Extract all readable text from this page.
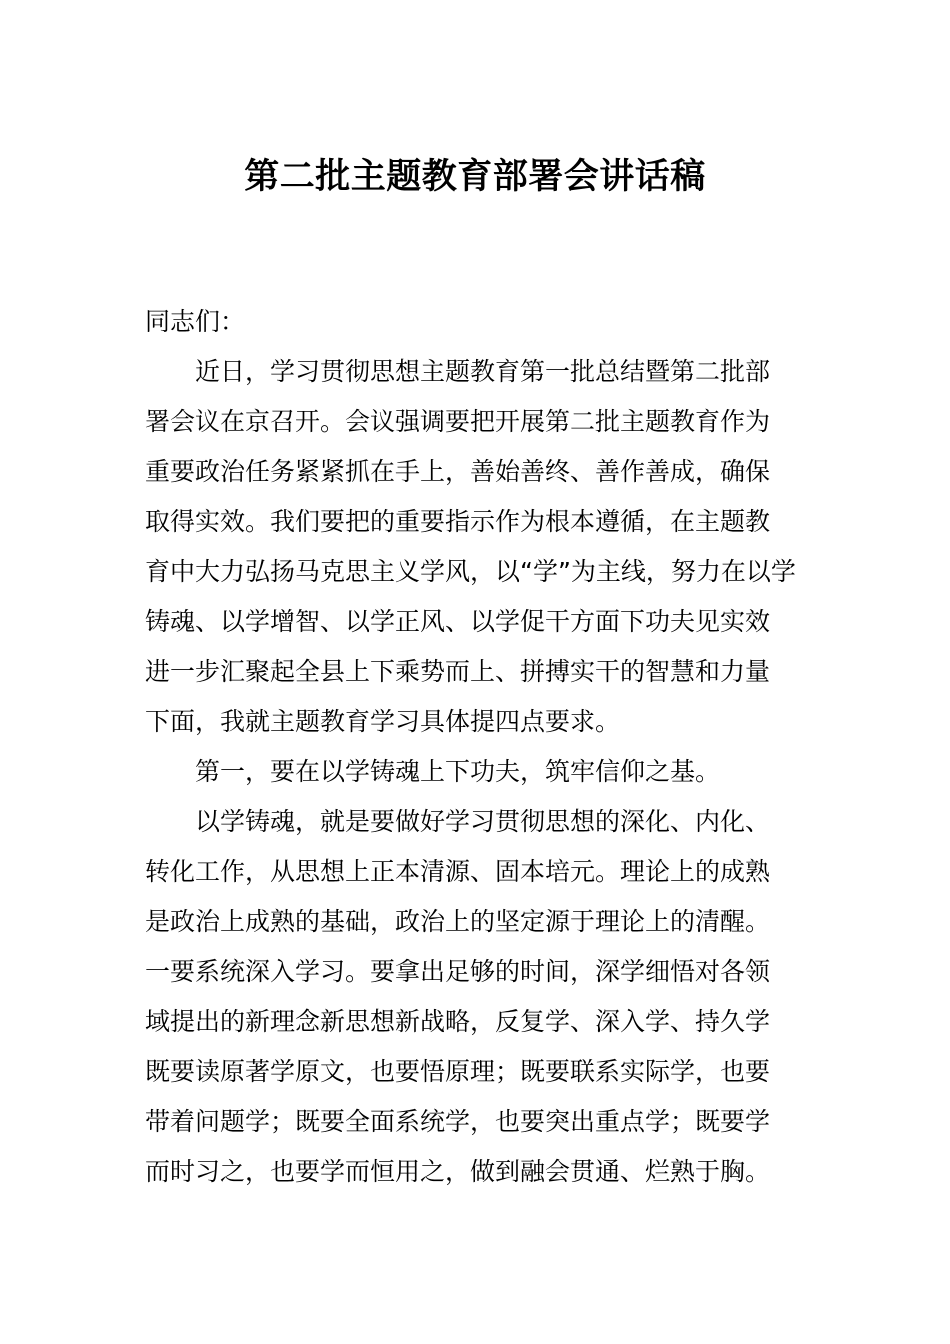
第二批主题教育部署会讲话稿
同志们：
近日，学习贯彻思想主题教育第一批总结暨第二批部
署会议在京召开。会议强调要把开展第二批主题教育作为
重要政治任务紧紧抓在手上，善始善终、善作善成，确保
取得实效。我们要把的重要指示作为根本遵循，在主题教
育中大力弘扬马克思主义学风，以“学”为主线，努力在以学
铸魂、以学增智、以学正风、以学促干方面下功夫见实效
进一步汇聚起全县上下乘势而上、拼搏实干的智慧和力量
下面，我就主题教育学习具体提四点要求。
第一，要在以学铸魂上下功夫，筑牢信仰之基。
以学铸魂，就是要做好学习贯彻思想的深化、内化、
转化工作，从思想上正本清源、固本培元。理论上的成熟
是政治上成熟的基础，政治上的坚定源于理论上的清醒。
一要系统深入学习。要拿出足够的时间，深学细悟对各领
域提出的新理念新思想新战略，反复学、深入学、持久学
既要读原著学原文，也要悟原理；既要联系实际学，也要
带着问题学；既要全面系统学，也要突出重点学；既要学
而时习之，也要学而恒用之，做到融会贯通、烂熟于胸。
